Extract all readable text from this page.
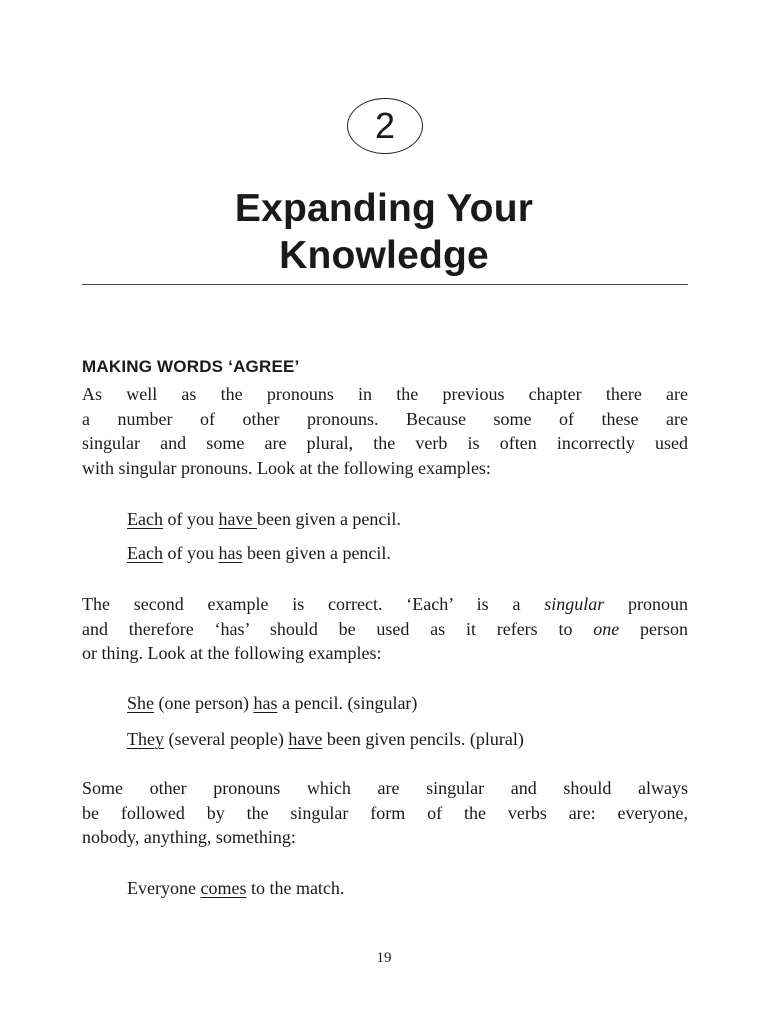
2
Expanding Your
Knowledge
MAKING WORDS ‘AGREE’

As well as the pronouns in the previous chapter there are
a number of other pronouns. Because some of these are
singular and some are plural, the verb is often incorrectly used
with singular pronouns. Look at the following examples:

Each of you have been given a pencil.

Each of you has been given a pencil.

The second example is correct. ‘Each’ is a singular pronoun
and therefore ‘has’ should be used as it refers to one person
or thing. Look at the following examples:

She (one person) has a pencil. (singular)

They (several people) have been given pencils. (plural)

Some other pronouns which are singular and should always
be followed by the singular form of the verbs are: everyone,
nobody, anything, something:

Everyone comes to the match.

19
